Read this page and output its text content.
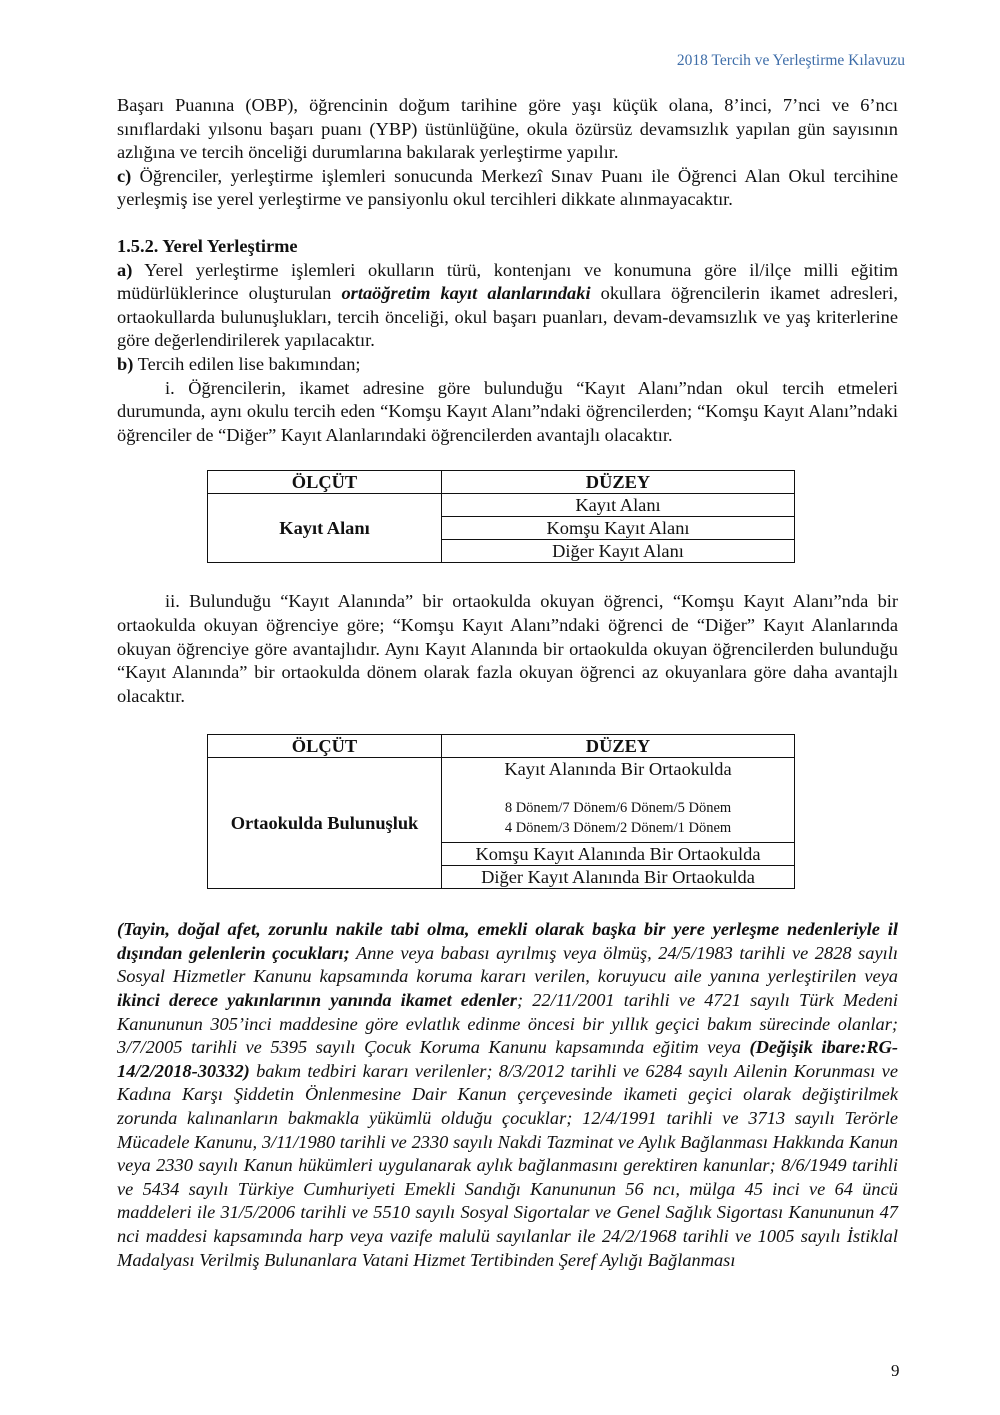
2018 Tercih ve Yerleştirme Kılavuzu

Başarı Puanına (OBP), öğrencinin doğum tarihine göre yaşı küçük olana, 8’inci, 7’nci ve 6’ncı sınıflardaki yılsonu başarı puanı (YBP) üstünlüğüne, okula özürsüz devamsızlık yapılan gün sayısının azlığına ve tercih önceliği durumlarına bakılarak yerleştirme yapılır.

c) Öğrenciler, yerleştirme işlemleri sonucunda Merkezî Sınav Puanı ile Öğrenci Alan Okul tercihine yerleşmiş ise yerel yerleştirme ve pansiyonlu okul tercihleri dikkate alınmayacaktır.

1.5.2. Yerel Yerleştirme

a) Yerel yerleştirme işlemleri okulların türü, kontenjanı ve konumuna göre il/ilçe milli eğitim müdürlüklerince oluşturulan ortaöğretim kayıt alanlarındaki okullara öğrencilerin ikamet adresleri, ortaokullarda bulunuşlukları, tercih önceliği, okul başarı puanları, devam-devamsızlık ve yaş kriterlerine göre değerlendirilerek yapılacaktır.

b) Tercih edilen lise bakımından;

i. Öğrencilerin, ikamet adresine göre bulunduğu “Kayıt Alanı”ndan okul tercih etmeleri durumunda, aynı okulu tercih eden “Komşu Kayıt Alanı”ndaki öğrencilerden; “Komşu Kayıt Alanı”ndaki öğrenciler de “Diğer” Kayıt Alanlarındaki öğrencilerden avantajlı olacaktır.

ÖLÇÜT	DÜZEY
Kayıt Alanı	Kayıt Alanı
	Komşu Kayıt Alanı
	Diğer Kayıt Alanı

ii. Bulunduğu “Kayıt Alanında” bir ortaokulda okuyan öğrenci, “Komşu Kayıt Alanı”nda bir ortaokulda okuyan öğrenciye göre; “Komşu Kayıt Alanı”ndaki öğrenci de “Diğer” Kayıt Alanlarında okuyan öğrenciye göre avantajlıdır. Aynı Kayıt Alanında bir ortaokulda okuyan öğrencilerden bulunduğu “Kayıt Alanında” bir ortaokulda dönem olarak fazla okuyan öğrenci az okuyanlara göre daha avantajlı olacaktır.

ÖLÇÜT	DÜZEY
Ortaokulda Bulunuşluk	Kayıt Alanında Bir Ortaokulda
8 Dönem/7 Dönem/6 Dönem/5 Dönem
4 Dönem/3 Dönem/2 Dönem/1 Dönem

	Komşu Kayıt Alanında Bir Ortaokulda
	Diğer Kayıt Alanında Bir Ortaokulda

(Tayin, doğal afet, zorunlu nakile tabi olma, emekli olarak başka bir yere yerleşme nedenleriyle il dışından gelenlerin çocukları; Anne veya babası ayrılmış veya ölmüş, 24/5/1983 tarihli ve 2828 sayılı Sosyal Hizmetler Kanunu kapsamında koruma kararı verilen, koruyucu aile yanına yerleştirilen veya ikinci derece yakınlarının yanında ikamet edenler; 22/11/2001 tarihli ve 4721 sayılı Türk Medeni Kanununun 305’inci maddesine göre evlatlık edinme öncesi bir yıllık geçici bakım sürecinde olanlar; 3/7/2005 tarihli ve 5395 sayılı Çocuk Koruma Kanunu kapsamında eğitim veya (Değişik ibare:RG-14/2/2018-30332) bakım tedbiri kararı verilenler; 8/3/2012 tarihli ve 6284 sayılı Ailenin Korunması ve Kadına Karşı Şiddetin Önlenmesine Dair Kanun çerçevesinde ikameti geçici olarak değiştirilmek zorunda kalınanların bakmakla yükümlü olduğu çocuklar; 12/4/1991 tarihli ve 3713 sayılı Terörle Mücadele Kanunu, 3/11/1980 tarihli ve 2330 sayılı Nakdi Tazminat ve Aylık Bağlanması Hakkında Kanun veya 2330 sayılı Kanun hükümleri uygulanarak aylık bağlanmasını gerektiren kanunlar; 8/6/1949 tarihli ve 5434 sayılı Türkiye Cumhuriyeti Emekli Sandığı Kanununun 56 ncı, mülga 45 inci ve 64 üncü maddeleri ile 31/5/2006 tarihli ve 5510 sayılı Sosyal Sigortalar ve Genel Sağlık Sigortası Kanununun 47 nci maddesi kapsamında harp veya vazife malulü sayılanlar ile 24/2/1968 tarihli ve 1005 sayılı İstiklal Madalyası Verilmiş Bulunanlara Vatani Hizmet Tertibinden Şeref Aylığı Bağlanması

9
